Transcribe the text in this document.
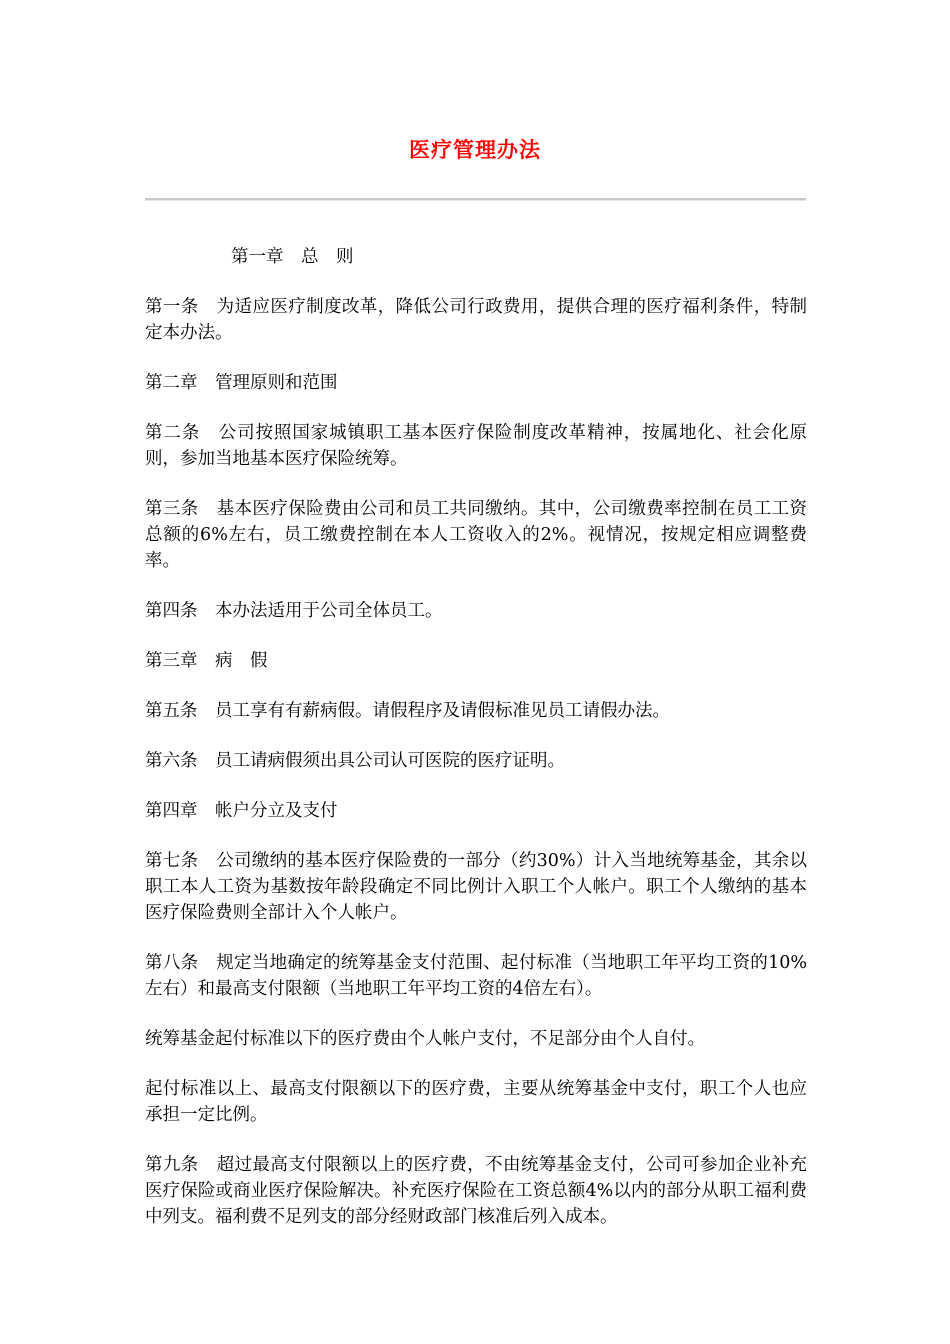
医疗管理办法

第一章　总　则

第一条　为适应医疗制度改革，降低公司行政费用，提供合理的医疗福利条件，特制定本办法。

第二章　管理原则和范围

第二条　公司按照国家城镇职工基本医疗保险制度改革精神，按属地化、社会化原则，参加当地基本医疗保险统筹。

第三条　基本医疗保险费由公司和员工共同缴纳。其中，公司缴费率控制在员工工资总额的6%左右，员工缴费控制在本人工资收入的2%。视情况，按规定相应调整费率。

第四条　本办法适用于公司全体员工。

第三章　病　假

第五条　员工享有有薪病假。请假程序及请假标准见员工请假办法。

第六条　员工请病假须出具公司认可医院的医疗证明。

第四章　帐户分立及支付

第七条　公司缴纳的基本医疗保险费的一部分（约30%）计入当地统筹基金，其余以职工本人工资为基数按年龄段确定不同比例计入职工个人帐户。职工个人缴纳的基本医疗保险费则全部计入个人帐户。

第八条　规定当地确定的统筹基金支付范围、起付标准（当地职工年平均工资的10%左右）和最高支付限额（当地职工年平均工资的4倍左右）。

统筹基金起付标准以下的医疗费由个人帐户支付，不足部分由个人自付。

起付标准以上、最高支付限额以下的医疗费，主要从统筹基金中支付，职工个人也应承担一定比例。

第九条　超过最高支付限额以上的医疗费，不由统筹基金支付，公司可参加企业补充医疗保险或商业医疗保险解决。补充医疗保险在工资总额4%以内的部分从职工福利费中列支。福利费不足列支的部分经财政部门核准后列入成本。
